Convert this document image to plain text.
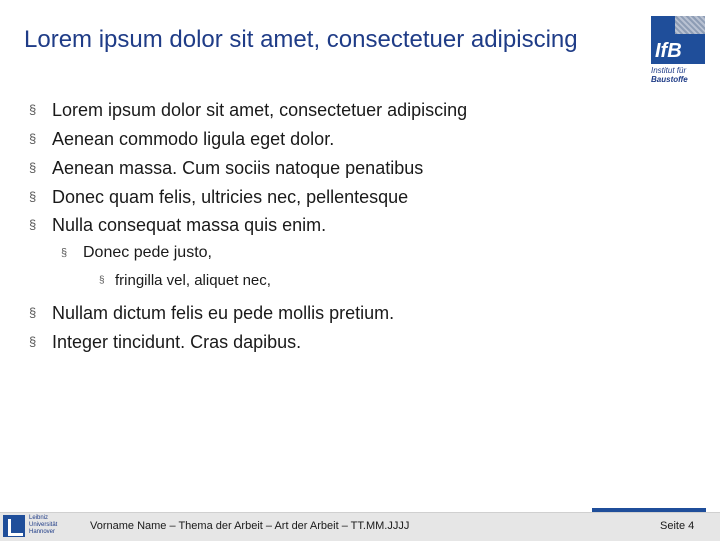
Lorem ipsum dolor sit amet, consectetuer adipiscing	IfB
Institut für
Baustoffe
§ Lorem ipsum dolor sit amet, consectetuer adipiscing
§ Aenean commodo ligula eget dolor.
§ Aenean massa. Cum sociis natoque penatibus
§ Donec quam felis, ultricies nec, pellentesque
§ Nulla consequat massa quis enim.
§ Donec pede justo,
§ fringilla vel, aliquet nec,
§ Nullam dictum felis eu pede mollis pretium.
§ Integer tincidunt. Cras dapibus.
Leibniz
Universität
Hannover	Vorname Name – Thema der Arbeit – Art der Arbeit – TT.MM.JJJJ	Seite 4
